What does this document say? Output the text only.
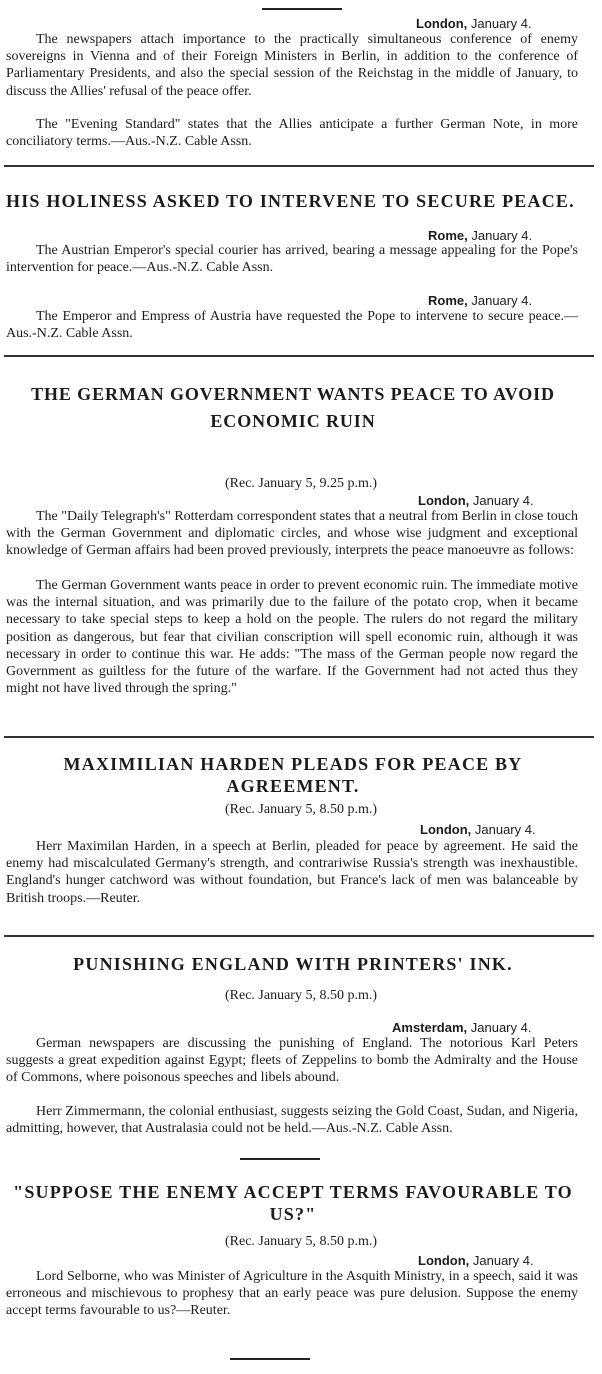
London, January 4.

The newspapers attach importance to the practically simultaneous conference of enemy sovereigns in Vienna and of their Foreign Ministers in Berlin, in addition to the conference of Parliamentary Presidents, and also the special session of the Reichstag in the middle of January, to discuss the Allies' refusal of the peace offer.

The "Evening Standard" states that the Allies anticipate a further German Note, in more conciliatory terms.—Aus.-N.Z. Cable Assn.

HIS HOLINESS ASKED TO INTERVENE TO SECURE PEACE.
Rome, January 4.

The Austrian Emperor's special courier has arrived, bearing a message appealing for the Pope's intervention for peace.—Aus.-N.Z. Cable Assn.

Rome, January 4.

The Emperor and Empress of Austria have requested the Pope to intervene to secure peace.—Aus.-N.Z. Cable Assn.

THE GERMAN GOVERNMENT WANTS PEACE TO AVOID ECONOMIC RUIN
(Rec. January 5, 9.25 p.m.)
London, January 4.

The "Daily Telegraph's" Rotterdam correspondent states that a neutral from Berlin in close touch with the German Government and diplomatic circles, and whose wise judgment and exceptional knowledge of German affairs had been proved previously, interprets the peace manoeuvre as follows:

The German Government wants peace in order to prevent economic ruin. The immediate motive was the internal situation, and was primarily due to the failure of the potato crop, when it became necessary to take special steps to keep a hold on the people. The rulers do not regard the military position as dangerous, but fear that civilian conscription will spell economic ruin, although it was necessary in order to continue this war. He adds: "The mass of the German people now regard the Government as guiltless for the future of the warfare. If the Government had not acted thus they might not have lived through the spring."

MAXIMILIAN HARDEN PLEADS FOR PEACE BY AGREEMENT.
(Rec. January 5, 8.50 p.m.)
London, January 4.

Herr Maximilan Harden, in a speech at Berlin, pleaded for peace by agreement. He said the enemy had miscalculated Germany's strength, and contrariwise Russia's strength was inexhaustible. England's hunger catchword was without foundation, but France's lack of men was balanceable by British troops.—Reuter.

PUNISHING ENGLAND WITH PRINTERS' INK.
(Rec. January 5, 8.50 p.m.)
Amsterdam, January 4.

German newspapers are discussing the punishing of England. The notorious Karl Peters suggests a great expedition against Egypt; fleets of Zeppelins to bomb the Admiralty and the House of Commons, where poisonous speeches and libels abound.

Herr Zimmermann, the colonial enthusiast, suggests seizing the Gold Coast, Sudan, and Nigeria, admitting, however, that Australasia could not be held.—Aus.-N.Z. Cable Assn.

"SUPPOSE THE ENEMY ACCEPT TERMS FAVOURABLE TO US?"
(Rec. January 5, 8.50 p.m.)
London, January 4.

Lord Selborne, who was Minister of Agriculture in the Asquith Ministry, in a speech, said it was erroneous and mischievous to prophesy that an early peace was pure delusion. Suppose the enemy accept terms favourable to us?—Reuter.
